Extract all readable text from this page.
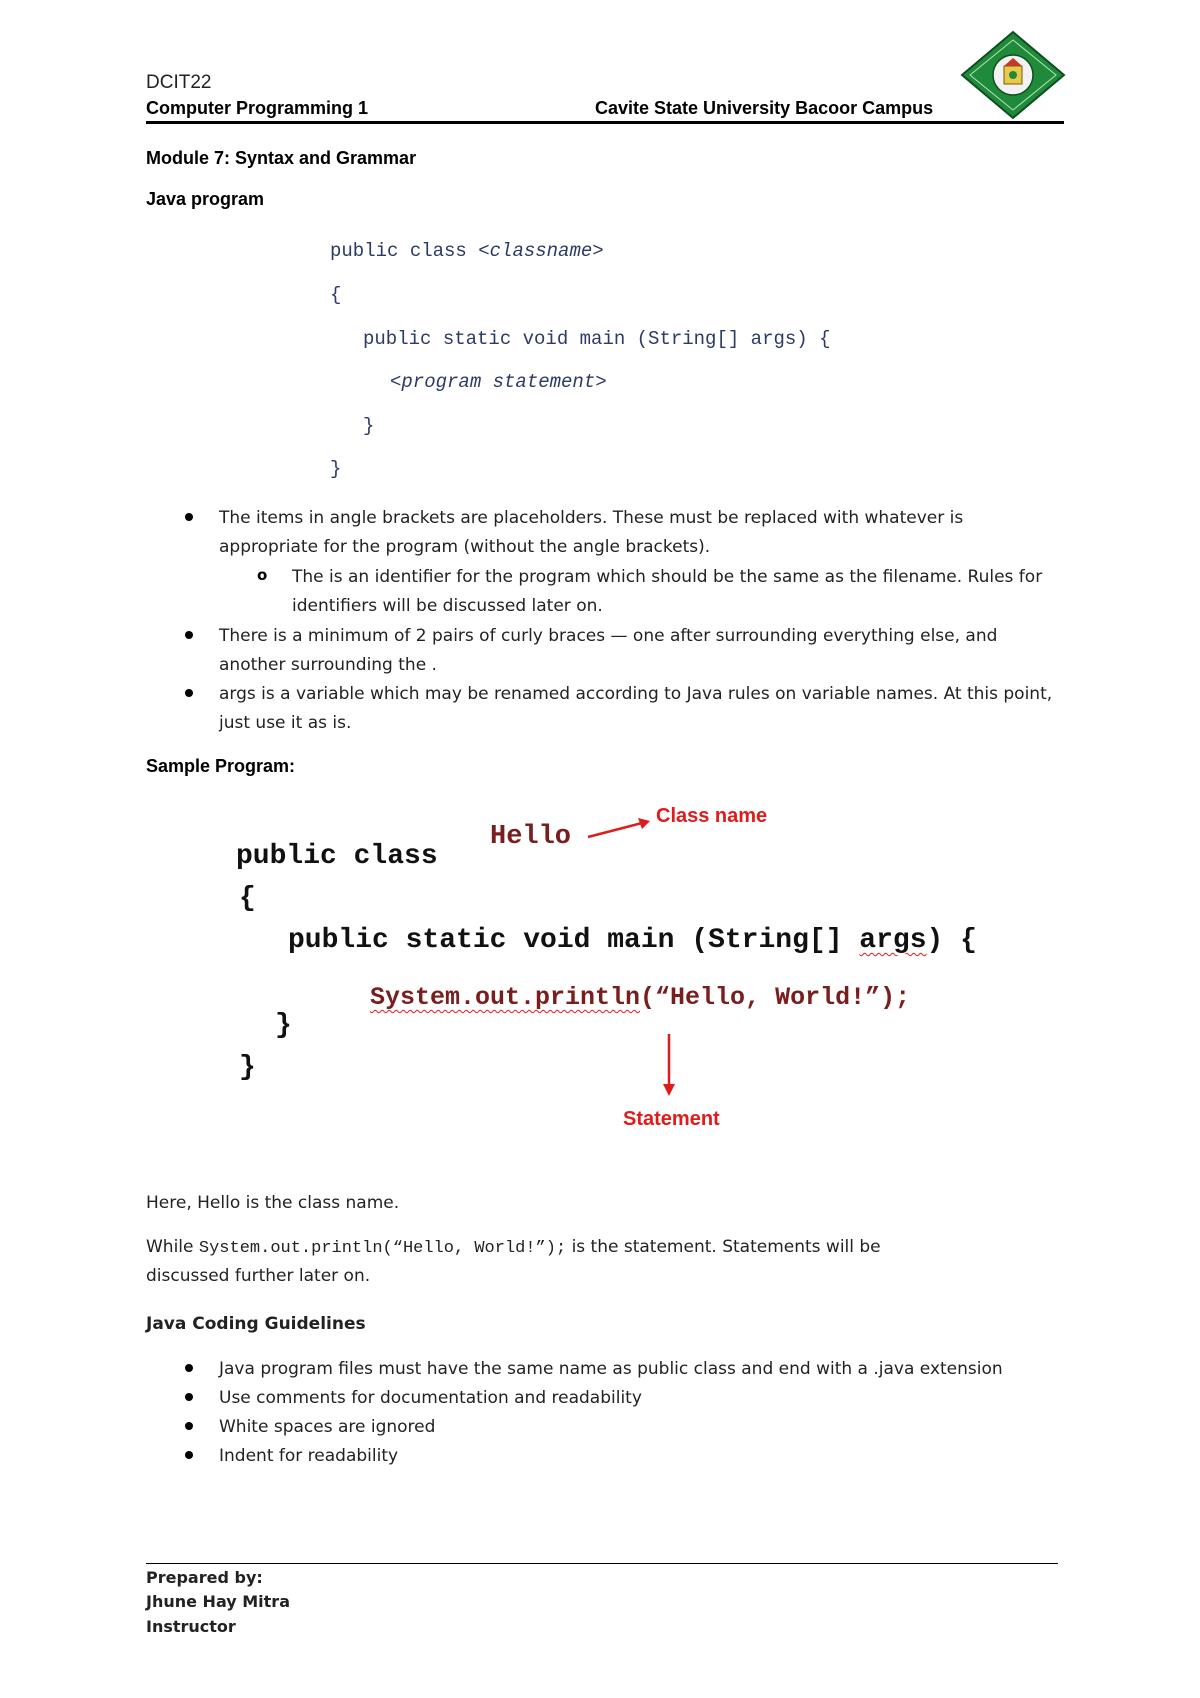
DCIT22
Computer Programming 1	Cavite State University Bacoor Campus
Module 7: Syntax and Grammar
Java program
public class <classname>
{
public static void main (String[] args) {
<program statement>
}
}
The items in angle brackets are placeholders. These must be replaced with whatever is appropriate for the program (without the angle brackets).
o The is an identifier for the program which should be the same as the filename. Rules for identifiers will be discussed later on.
There is a minimum of 2 pairs of curly braces — one after surrounding everything else, and another surrounding the .
args is a variable which may be renamed according to Java rules on variable names. At this point, just use it as is.
Sample Program:
public class
Hello
Class name
{
public static void main (String[] args) {
System.out.println(“Hello, World!”);
}
}
Statement
Here, Hello is the class name.
While System.out.println(“Hello, World!”); is the statement. Statements will be
discussed further later on.
Java Coding Guidelines
Java program files must have the same name as public class and end with a .java extension
Use comments for documentation and readability
White spaces are ignored
Indent for readability
Prepared by:
Jhune Hay Mitra
Instructor
